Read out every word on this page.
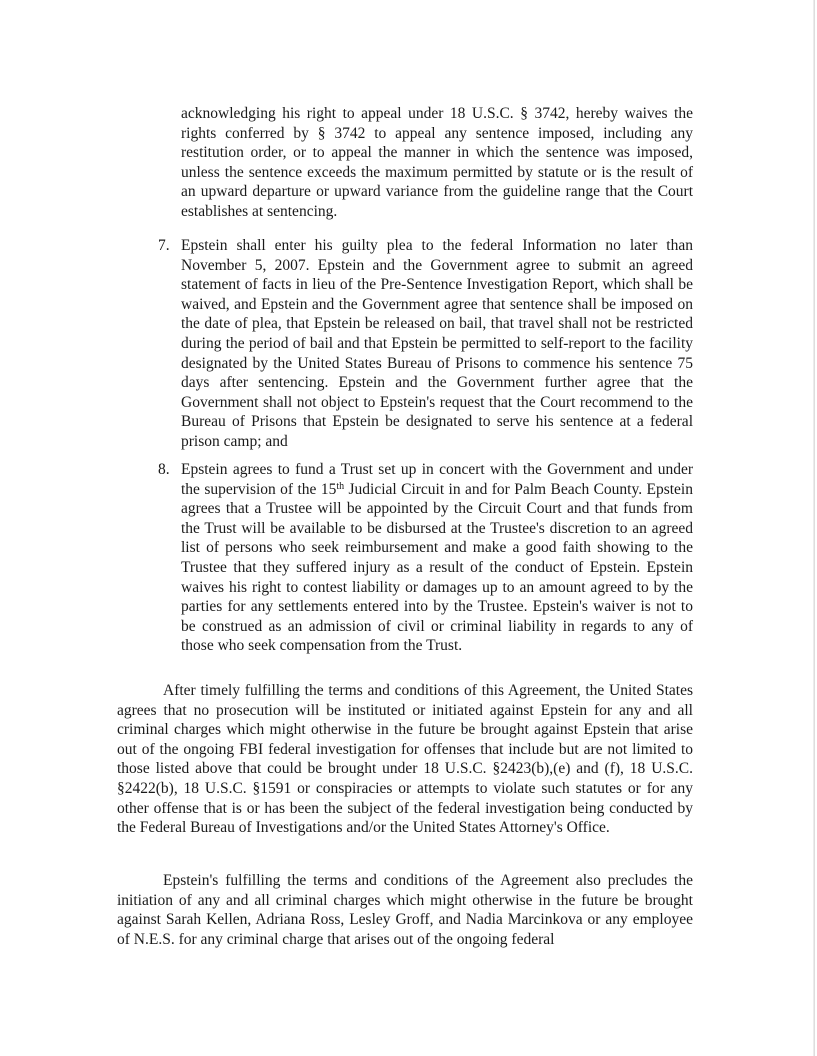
acknowledging his right to appeal under 18 U.S.C. § 3742, hereby waives the rights conferred by § 3742 to appeal any sentence imposed, including any restitution order, or to appeal the manner in which the sentence was imposed, unless the sentence exceeds the maximum permitted by statute or is the result of an upward departure or upward variance from the guideline range that the Court establishes at sentencing.
7. Epstein shall enter his guilty plea to the federal Information no later than November 5, 2007. Epstein and the Government agree to submit an agreed statement of facts in lieu of the Pre-Sentence Investigation Report, which shall be waived, and Epstein and the Government agree that sentence shall be imposed on the date of plea, that Epstein be released on bail, that travel shall not be restricted during the period of bail and that Epstein be permitted to self-report to the facility designated by the United States Bureau of Prisons to commence his sentence 75 days after sentencing. Epstein and the Government further agree that the Government shall not object to Epstein's request that the Court recommend to the Bureau of Prisons that Epstein be designated to serve his sentence at a federal prison camp; and
8. Epstein agrees to fund a Trust set up in concert with the Government and under the supervision of the 15th Judicial Circuit in and for Palm Beach County. Epstein agrees that a Trustee will be appointed by the Circuit Court and that funds from the Trust will be available to be disbursed at the Trustee's discretion to an agreed list of persons who seek reimbursement and make a good faith showing to the Trustee that they suffered injury as a result of the conduct of Epstein. Epstein waives his right to contest liability or damages up to an amount agreed to by the parties for any settlements entered into by the Trustee. Epstein's waiver is not to be construed as an admission of civil or criminal liability in regards to any of those who seek compensation from the Trust.
After timely fulfilling the terms and conditions of this Agreement, the United States agrees that no prosecution will be instituted or initiated against Epstein for any and all criminal charges which might otherwise in the future be brought against Epstein that arise out of the ongoing FBI federal investigation for offenses that include but are not limited to those listed above that could be brought under 18 U.S.C. §2423(b),(e) and (f), 18 U.S.C. §2422(b), 18 U.S.C. §1591 or conspiracies or attempts to violate such statutes or for any other offense that is or has been the subject of the federal investigation being conducted by the Federal Bureau of Investigations and/or the United States Attorney's Office.
Epstein's fulfilling the terms and conditions of the Agreement also precludes the initiation of any and all criminal charges which might otherwise in the future be brought against Sarah Kellen, Adriana Ross, Lesley Groff, and Nadia Marcinkova or any employee of N.E.S. for any criminal charge that arises out of the ongoing federal
